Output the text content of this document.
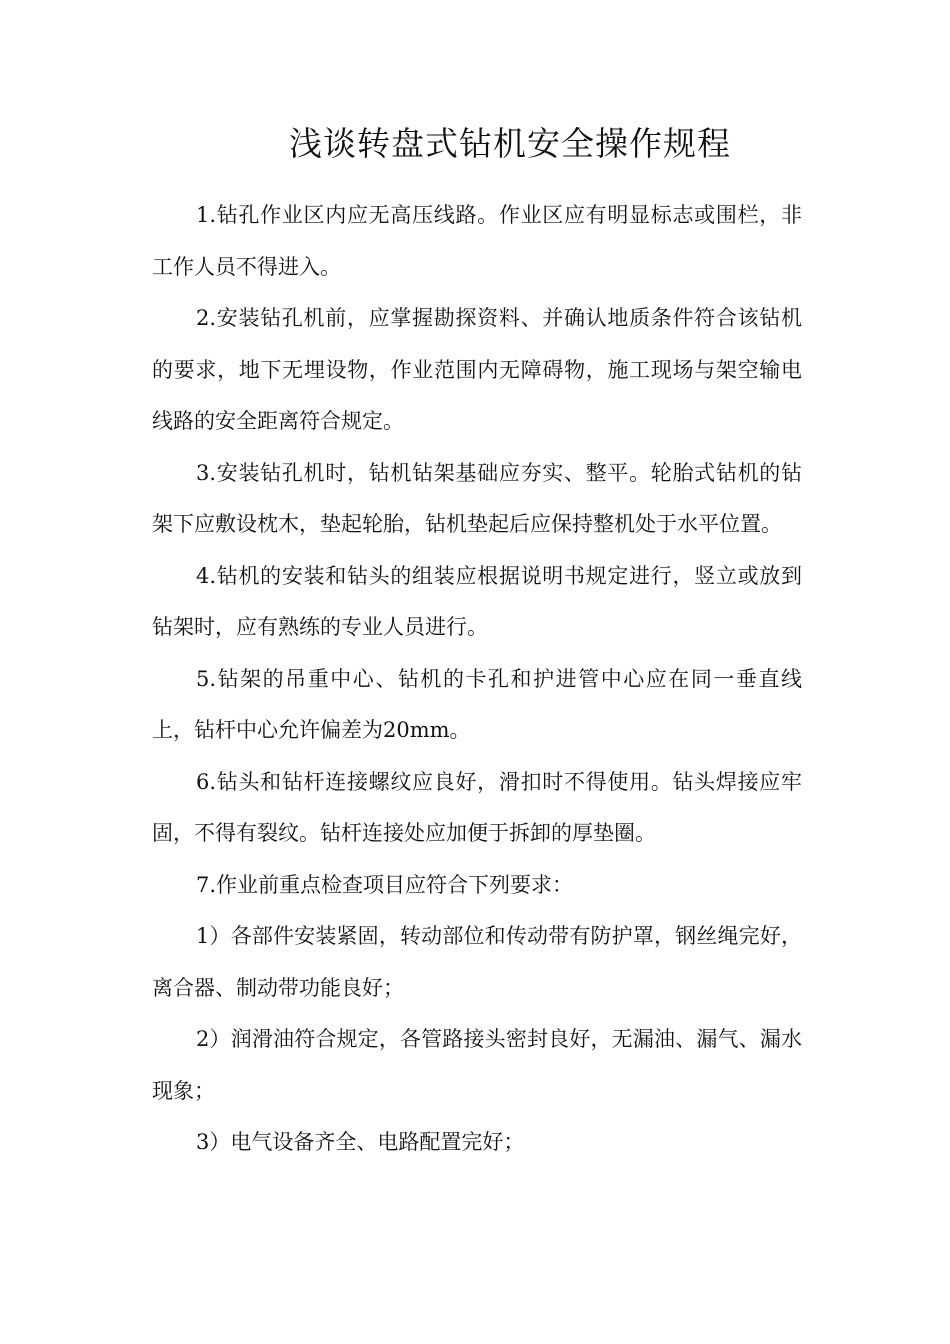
浅谈转盘式钻机安全操作规程

1.钻孔作业区内应无高压线路。作业区应有明显标志或围栏，非工作人员不得进入。

2.安装钻孔机前，应掌握勘探资料、并确认地质条件符合该钻机的要求，地下无埋设物，作业范围内无障碍物，施工现场与架空输电线路的安全距离符合规定。

3.安装钻孔机时，钻机钻架基础应夯实、整平。轮胎式钻机的钻架下应敷设枕木，垫起轮胎，钻机垫起后应保持整机处于水平位置。

4.钻机的安装和钻头的组装应根据说明书规定进行，竖立或放到钻架时，应有熟练的专业人员进行。

5.钻架的吊重中心、钻机的卡孔和护进管中心应在同一垂直线上，钻杆中心允许偏差为20mm。

6.钻头和钻杆连接螺纹应良好，滑扣时不得使用。钻头焊接应牢固，不得有裂纹。钻杆连接处应加便于拆卸的厚垫圈。

7.作业前重点检查项目应符合下列要求：

1）各部件安装紧固，转动部位和传动带有防护罩，钢丝绳完好，离合器、制动带功能良好；

2）润滑油符合规定，各管路接头密封良好，无漏油、漏气、漏水现象；

3）电气设备齐全、电路配置完好；
